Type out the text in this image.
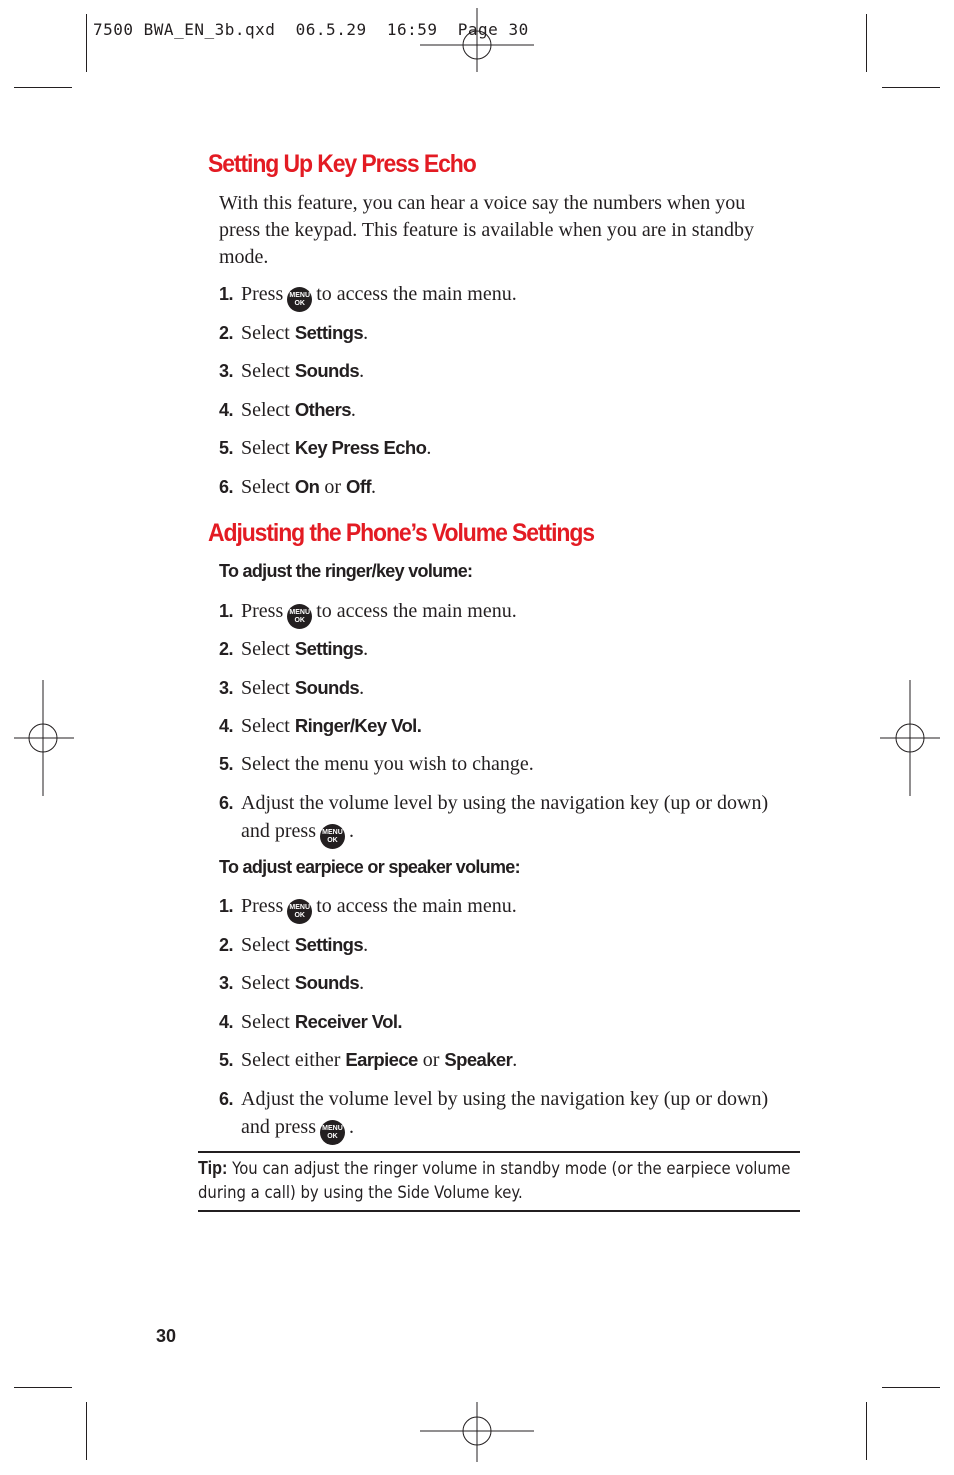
7500 BWA_EN_3b.qxd  06.5.29  16:59  Page 30
Setting Up Key Press Echo

With this feature, you can hear a voice say the numbers when you press the keypad. This feature is available when you are in standby mode.

1. Press MENU
OK to access the main menu.
2. Select Settings.
3. Select Sounds.
4. Select Others.
5. Select Key Press Echo.
6. Select On or Off.
Adjusting the Phone’s Volume Settings
To adjust the ringer/key volume:
1. Press MENU
OK to access the main menu.
2. Select Settings.
3. Select Sounds.
4. Select Ringer/Key Vol.
5. Select the menu you wish to change.
6. Adjust the volume level by using the navigation key (up or down) and press MENU
OK .
To adjust earpiece or speaker volume:
1. Press MENU
OK to access the main menu.
2. Select Settings.
3. Select Sounds.
4. Select Receiver Vol.
5. Select either Earpiece or Speaker.
6. Adjust the volume level by using the navigation key (up or down) and press MENU
OK .

Tip: You can adjust the ringer volume in standby mode (or the earpiece volume during a call) by using the Side Volume key.

30
